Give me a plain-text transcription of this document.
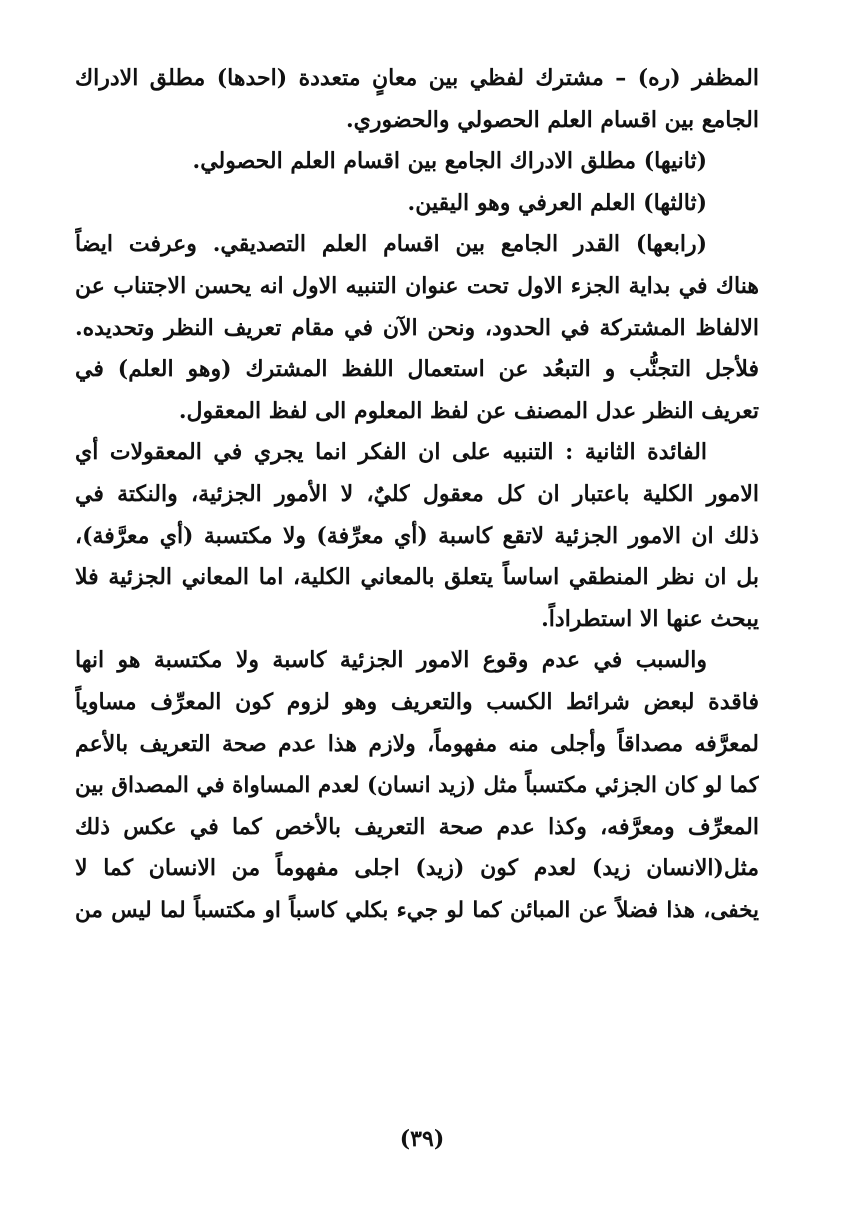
المظفر (ره) – مشترك لفظي بين معانٍ متعددة (احدها) مطلق الادراك
الجامع بين اقسام العلم الحصولي والحضوري.
(ثانيها) مطلق الادراك الجامع بين اقسام العلم الحصولي.
(ثالثها) العلم العرفي وهو اليقين.
(رابعها) القدر الجامع بين اقسام العلم التصديقي. وعرفت ايضاً
هناك في بداية الجزء الاول تحت عنوان التنبيه الاول انه يحسن الاجتناب عن
الالفاظ المشتركة في الحدود، ونحن الآن في مقام تعريف النظر وتحديده.
فلأجل التجنُّب و التبعُد عن استعمال اللفظ المشترك (وهو العلم) في
تعريف النظر عدل المصنف عن لفظ المعلوم الى لفظ المعقول.
الفائدة الثانية : التنبيه على ان الفكر انما يجري في المعقولات أي
الامور الكلية باعتبار ان كل معقول كليٌ، لا الأمور الجزئية، والنكتة في
ذلك ان الامور الجزئية لاتقع كاسبة (أي معرِّفة) ولا مكتسبة (أي معرَّفة)،
بل ان نظر المنطقي اساساً يتعلق بالمعاني الكلية، اما المعاني الجزئية فلا
يبحث عنها الا استطراداً.
والسبب في عدم وقوع الامور الجزئية كاسبة ولا مكتسبة هو انها
فاقدة لبعض شرائط الكسب والتعريف وهو لزوم كون المعرِّف مساوياً
لمعرَّفه مصداقاً وأجلى منه مفهوماً، ولازم هذا عدم صحة التعريف بالأعم
كما لو كان الجزئي مكتسباً مثل (زيد انسان) لعدم المساواة في المصداق بين
المعرِّف ومعرَّفه، وكذا عدم صحة التعريف بالأخص كما في عكس ذلك
مثل(الانسان زيد) لعدم كون (زيد) اجلى مفهوماً من الانسان كما لا
يخفى، هذا فضلاً عن المبائن كما لو جيء بكلي كاسباً او مكتسباً لما ليس من
(٣٩)
